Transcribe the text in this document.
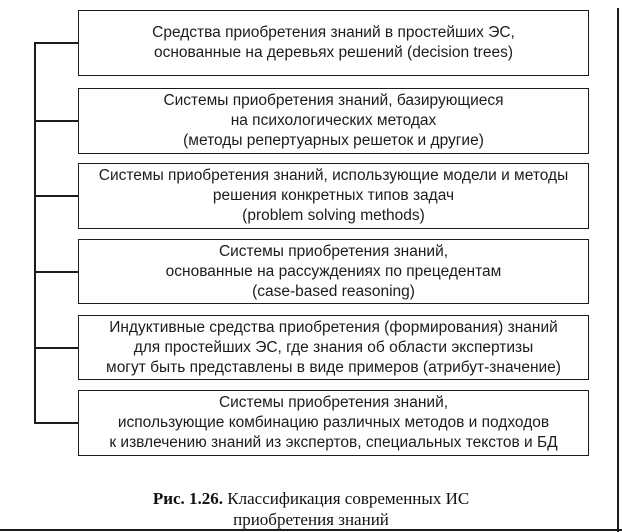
Средства приобретения знаний в простейших ЭС,
основанные на деревьях решений (decision trees)
Системы приобретения знаний, базирующиеся
на психологических методах
(методы репертуарных решеток и другие)
Системы приобретения знаний, использующие модели и методы
решения конкретных типов задач
(problem solving methods)
Системы приобретения знаний,
основанные на рассуждениях по прецедентам
(case-based reasoning)
Индуктивные средства приобретения (формирования) знаний
для простейших ЭС, где знания об области экспертизы
могут быть представлены в виде примеров (атрибут-значение)
Системы приобретения знаний,
использующие комбинацию различных методов и подходов
к извлечению знаний из экспертов, специальных текстов и БД
Рис. 1.26. Классификация современных ИС
приобретения знаний
